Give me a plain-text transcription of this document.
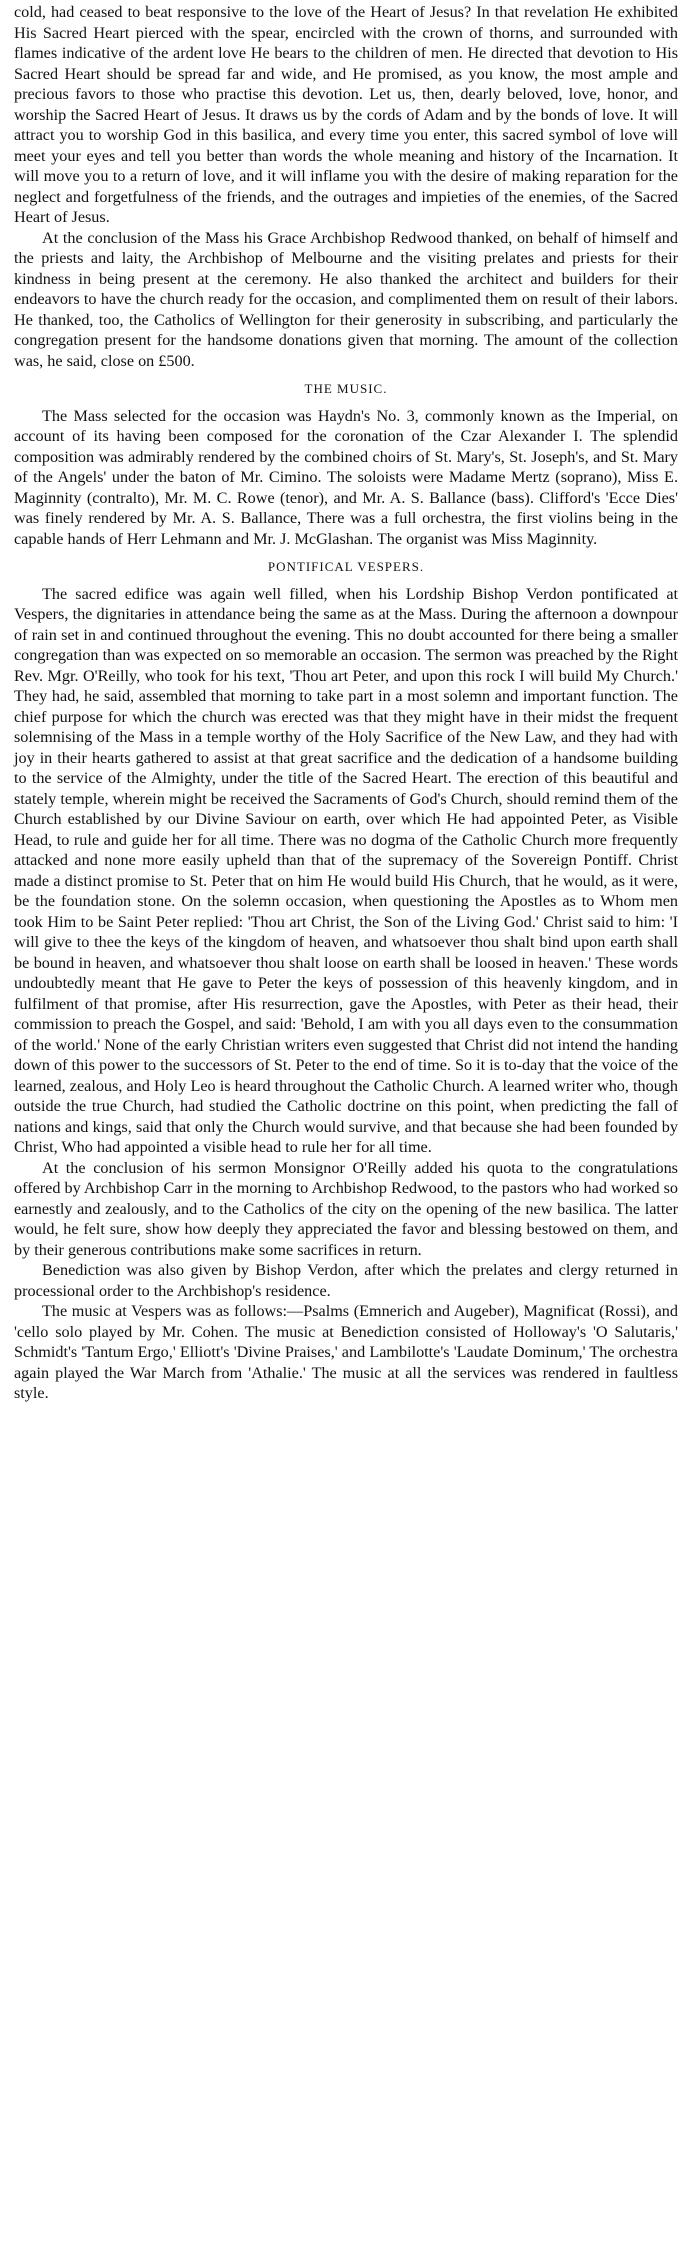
cold, had ceased to beat responsive to the love of the Heart of Jesus? In that revelation He exhibited His Sacred Heart pierced with the spear, encircled with the crown of thorns, and surrounded with flames indicative of the ardent love He bears to the children of men. He directed that devotion to His Sacred Heart should be spread far and wide, and He promised, as you know, the most ample and precious favors to those who practise this devotion. Let us, then, dearly beloved, love, honor, and worship the Sacred Heart of Jesus. It draws us by the cords of Adam and by the bonds of love. It will attract you to worship God in this basilica, and every time you enter, this sacred symbol of love will meet your eyes and tell you better than words the whole meaning and history of the Incarnation. It will move you to a return of love, and it will inflame you with the desire of making reparation for the neglect and forgetfulness of the friends, and the outrages and impieties of the enemies, of the Sacred Heart of Jesus.

At the conclusion of the Mass his Grace Archbishop Redwood thanked, on behalf of himself and the priests and laity, the Archbishop of Melbourne and the visiting prelates and priests for their kindness in being present at the ceremony. He also thanked the architect and builders for their endeavors to have the church ready for the occasion, and complimented them on result of their labors. He thanked, too, the Catholics of Wellington for their generosity in subscribing, and particularly the congregation present for the handsome donations given that morning. The amount of the collection was, he said, close on £500.

THE MUSIC.

The Mass selected for the occasion was Haydn's No. 3, commonly known as the Imperial, on account of its having been composed for the coronation of the Czar Alexander I. The splendid composition was admirably rendered by the combined choirs of St. Mary's, St. Joseph's, and St. Mary of the Angels' under the baton of Mr. Cimino. The soloists were Madame Mertz (soprano), Miss E. Maginnity (contralto), Mr. M. C. Rowe (tenor), and Mr. A. S. Ballance (bass). Clifford's 'Ecce Dies' was finely rendered by Mr. A. S. Ballance, There was a full orchestra, the first violins being in the capable hands of Herr Lehmann and Mr. J. McGlashan. The organist was Miss Maginnity.

PONTIFICAL VESPERS.

The sacred edifice was again well filled, when his Lordship Bishop Verdon pontificated at Vespers, the dignitaries in attendance being the same as at the Mass. During the afternoon a downpour of rain set in and continued throughout the evening. This no doubt accounted for there being a smaller congregation than was expected on so memorable an occasion. The sermon was preached by the Right Rev. Mgr. O'Reilly, who took for his text, 'Thou art Peter, and upon this rock I will build My Church.' They had, he said, assembled that morning to take part in a most solemn and important function. The chief purpose for which the church was erected was that they might have in their midst the frequent solemnising of the Mass in a temple worthy of the Holy Sacrifice of the New Law, and they had with joy in their hearts gathered to assist at that great sacrifice and the dedication of a handsome building to the service of the Almighty, under the title of the Sacred Heart. The erection of this beautiful and stately temple, wherein might be received the Sacraments of God's Church, should remind them of the Church established by our Divine Saviour on earth, over which He had appointed Peter, as Visible Head, to rule and guide her for all time. There was no dogma of the Catholic Church more frequently attacked and none more easily upheld than that of the supremacy of the Sovereign Pontiff. Christ made a distinct promise to St. Peter that on him He would build His Church, that he would, as it were, be the foundation stone. On the solemn occasion, when questioning the Apostles as to Whom men took Him to be Saint Peter replied: 'Thou art Christ, the Son of the Living God.' Christ said to him: 'I will give to thee the keys of the kingdom of heaven, and whatsoever thou shalt bind upon earth shall be bound in heaven, and whatsoever thou shalt loose on earth shall be loosed in heaven.' These words undoubtedly meant that He gave to Peter the keys of possession of this heavenly kingdom, and in fulfilment of that promise, after His resurrection, gave the Apostles, with Peter as their head, their commission to preach the Gospel, and said: 'Behold, I am with you all days even to the consummation of the world.' None of the early Christian writers even suggested that Christ did not intend the handing down of this power to the successors of St. Peter to the end of time. So it is to-day that the voice of the learned, zealous, and Holy Leo is heard throughout the Catholic Church. A learned writer who, though outside the true Church, had studied the Catholic doctrine on this point, when predicting the fall of nations and kings, said that only the Church would survive, and that because she had been founded by Christ, Who had appointed a visible head to rule her for all time.

At the conclusion of his sermon Monsignor O'Reilly added his quota to the congratulations offered by Archbishop Carr in the morning to Archbishop Redwood, to the pastors who had worked so earnestly and zealously, and to the Catholics of the city on the opening of the new basilica. The latter would, he felt sure, show how deeply they appreciated the favor and blessing bestowed on them, and by their generous contributions make some sacrifices in return.

Benediction was also given by Bishop Verdon, after which the prelates and clergy returned in processional order to the Archbishop's residence.

The music at Vespers was as follows:—Psalms (Emnerich and Augeber), Magnificat (Rossi), and 'cello solo played by Mr. Cohen. The music at Benediction consisted of Holloway's 'O Salutaris,' Schmidt's 'Tantum Ergo,' Elliott's 'Divine Praises,' and Lambilotte's 'Laudate Dominum,' The orchestra again played the War March from 'Athalie.' The music at all the services was rendered in faultless style.
